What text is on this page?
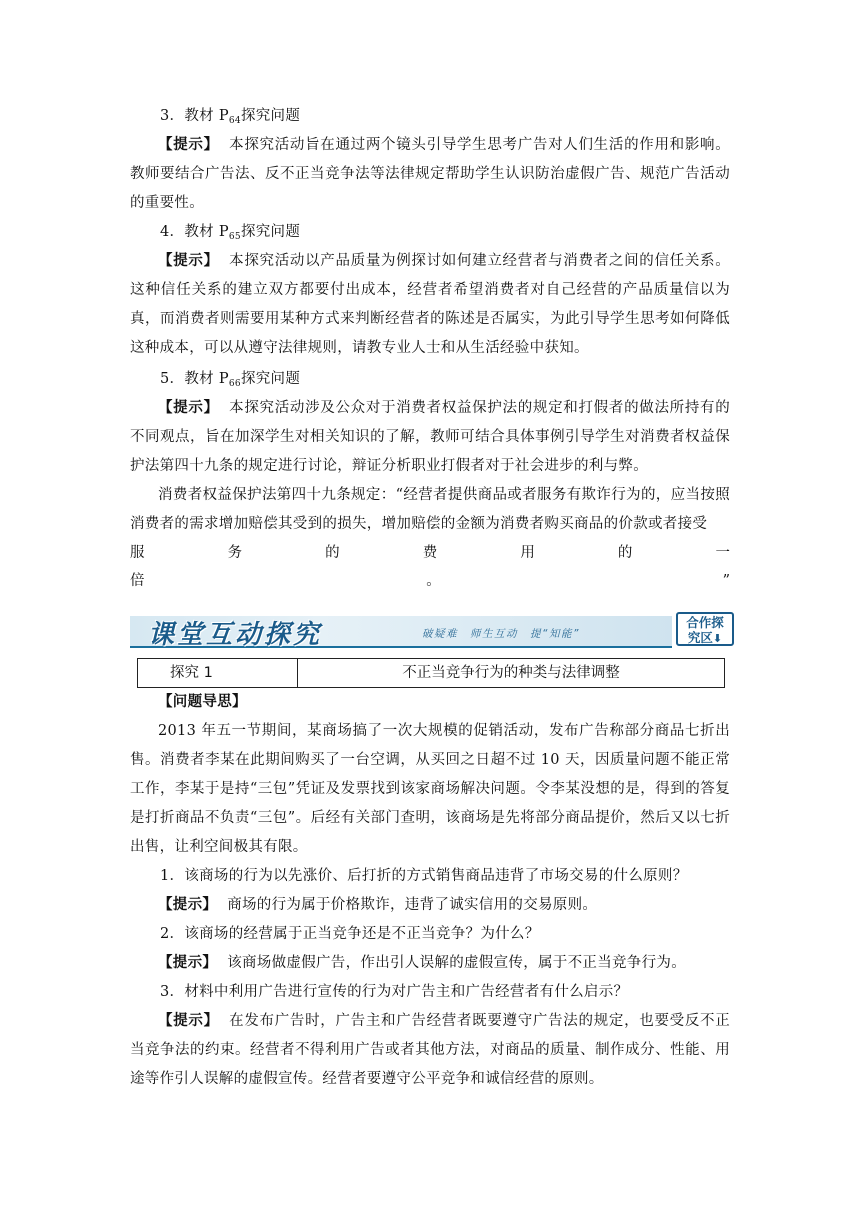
3．教材 $P_{64}$探究问题

【提示】 本探究活动旨在通过两个镜头引导学生思考广告对人们生活的作用和影响。教师要结合广告法、反不正当竞争法等法律规定帮助学生认识防治虚假广告、规范广告活动的重要性。

4．教材 $P_{65}$探究问题

【提示】 本探究活动以产品质量为例探讨如何建立经营者与消费者之间的信任关系。这种信任关系的建立双方都要付出成本，经营者希望消费者对自己经营的产品质量信以为真，而消费者则需要用某种方式来判断经营者的陈述是否属实，为此引导学生思考如何降低这种成本，可以从遵守法律规则，请教专业人士和从生活经验中获知。

5．教材 $P_{66}$探究问题

【提示】 本探究活动涉及公众对于消费者权益保护法的规定和打假者的做法所持有的不同观点，旨在加深学生对相关知识的了解，教师可结合具体事例引导学生对消费者权益保护法第四十九条的规定进行讨论，辩证分析职业打假者对于社会进步的利与弊。

消费者权益保护法第四十九条规定：“经营者提供商品或者服务有欺诈行为的，应当按照消费者的需求增加赔偿其受到的损失，增加赔偿的金额为消费者购买商品的价款或者接受

服	务	的	费	用	的	一
倍	。	”
课堂互动探究	破疑难　师生互动　提“知能”
合作探
究区⬇
探究 1	不正当竞争行为的种类与法律调整

【问题导思】

2013 年五一节期间，某商场搞了一次大规模的促销活动，发布广告称部分商品七折出售。消费者李某在此期间购买了一台空调，从买回之日超不过 10 天，因质量问题不能正常工作，李某于是持“三包”凭证及发票找到该家商场解决问题。令李某没想的是，得到的答复是打折商品不负责“三包”。后经有关部门查明，该商场是先将部分商品提价，然后又以七折出售，让利空间极其有限。

1．该商场的行为以先涨价、后打折的方式销售商品违背了市场交易的什么原则？

【提示】 商场的行为属于价格欺诈，违背了诚实信用的交易原则。

2．该商场的经营属于正当竞争还是不正当竞争？为什么？

【提示】 该商场做虚假广告，作出引人误解的虚假宣传，属于不正当竞争行为。

3．材料中利用广告进行宣传的行为对广告主和广告经营者有什么启示？

【提示】 在发布广告时，广告主和广告经营者既要遵守广告法的规定，也要受反不正当竞争法的约束。经营者不得利用广告或者其他方法，对商品的质量、制作成分、性能、用途等作引人误解的虚假宣传。经营者要遵守公平竞争和诚信经营的原则。
